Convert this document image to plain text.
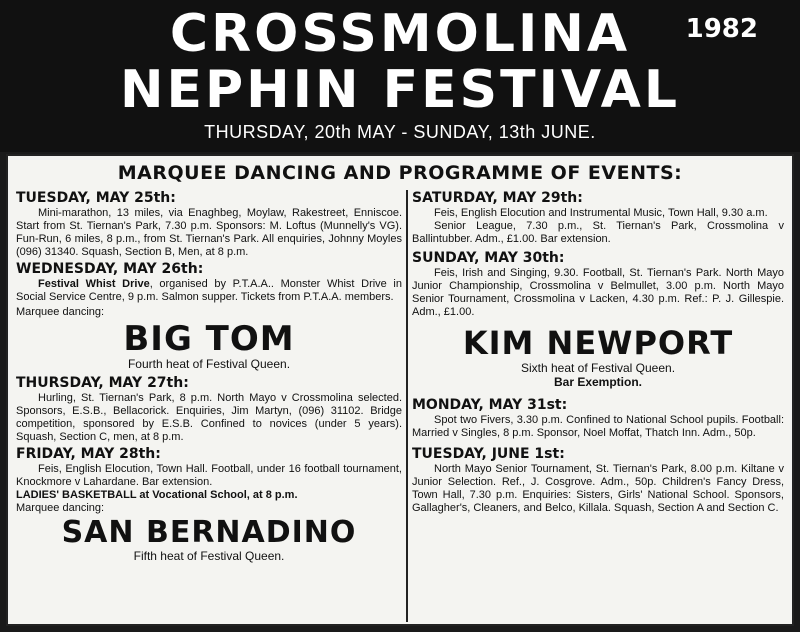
CROSSMOLINA
NEPHIN FESTIVAL
1982
THURSDAY, 20th MAY - SUNDAY, 13th JUNE.
MARQUEE DANCING AND PROGRAMME OF EVENTS:

TUESDAY, MAY 25th:

Mini-marathon, 13 miles, via Enaghbeg, Moylaw, Rakestreet, Enniscoe. Start from St. Tiernan's Park, 7.30 p.m. Sponsors: M. Loftus (Munnelly's VG). Fun-Run, 6 miles, 8 p.m., from St. Tiernan's Park. All enquiries, Johnny Moyles (096) 31340. Squash, Section B, Men, at 8 p.m.

WEDNESDAY, MAY 26th:

Festival Whist Drive, organised by P.T.A.A.. Monster Whist Drive in Social Service Centre, 9 p.m. Salmon supper. Tickets from P.T.A.A. members.

Marquee dancing:

BIG TOM

Fourth heat of Festival Queen.

THURSDAY, MAY 27th:

Hurling, St. Tiernan's Park, 8 p.m. North Mayo v Crossmolina selected. Sponsors, E.S.B., Bellacorick. Enquiries, Jim Martyn, (096) 31102. Bridge competition, sponsored by E.S.B. Confined to novices (under 5 years). Squash, Section C, men, at 8 p.m.

FRIDAY, MAY 28th:

Feis, English Elocution, Town Hall. Football, under 16 football tournament, Knockmore v Lahardane. Bar extension.

LADIES' BASKETBALL at Vocational School, at 8 p.m.

Marquee dancing:

SAN BERNADINO

Fifth heat of Festival Queen.

SATURDAY, MAY 29th:

Feis, English Elocution and Instrumental Music, Town Hall, 9.30 a.m.

Senior League, 7.30 p.m., St. Tiernan's Park, Crossmolina v Ballintubber. Adm., £1.00. Bar extension.

SUNDAY, MAY 30th:

Feis, Irish and Singing, 9.30. Football, St. Tiernan's Park. North Mayo Junior Championship, Crossmolina v Belmullet, 3.00 p.m. North Mayo Senior Tournament, Crossmolina v Lacken, 4.30 p.m. Ref.: P. J. Gillespie. Adm., £1.00.

KIM NEWPORT

Sixth heat of Festival Queen.

Bar Exemption.

MONDAY, MAY 31st:

Spot two Fivers, 3.30 p.m. Confined to National School pupils. Football: Married v Singles, 8 p.m. Sponsor, Noel Moffat, Thatch Inn. Adm., 50p.

TUESDAY, JUNE 1st:

North Mayo Senior Tournament, St. Tiernan's Park, 8.00 p.m. Kiltane v Junior Selection. Ref., J. Cosgrove. Adm., 50p. Children's Fancy Dress, Town Hall, 7.30 p.m. Enquiries: Sisters, Girls' National School. Sponsors, Gallagher's, Cleaners, and Belco, Killala. Squash, Section A and Section C.
